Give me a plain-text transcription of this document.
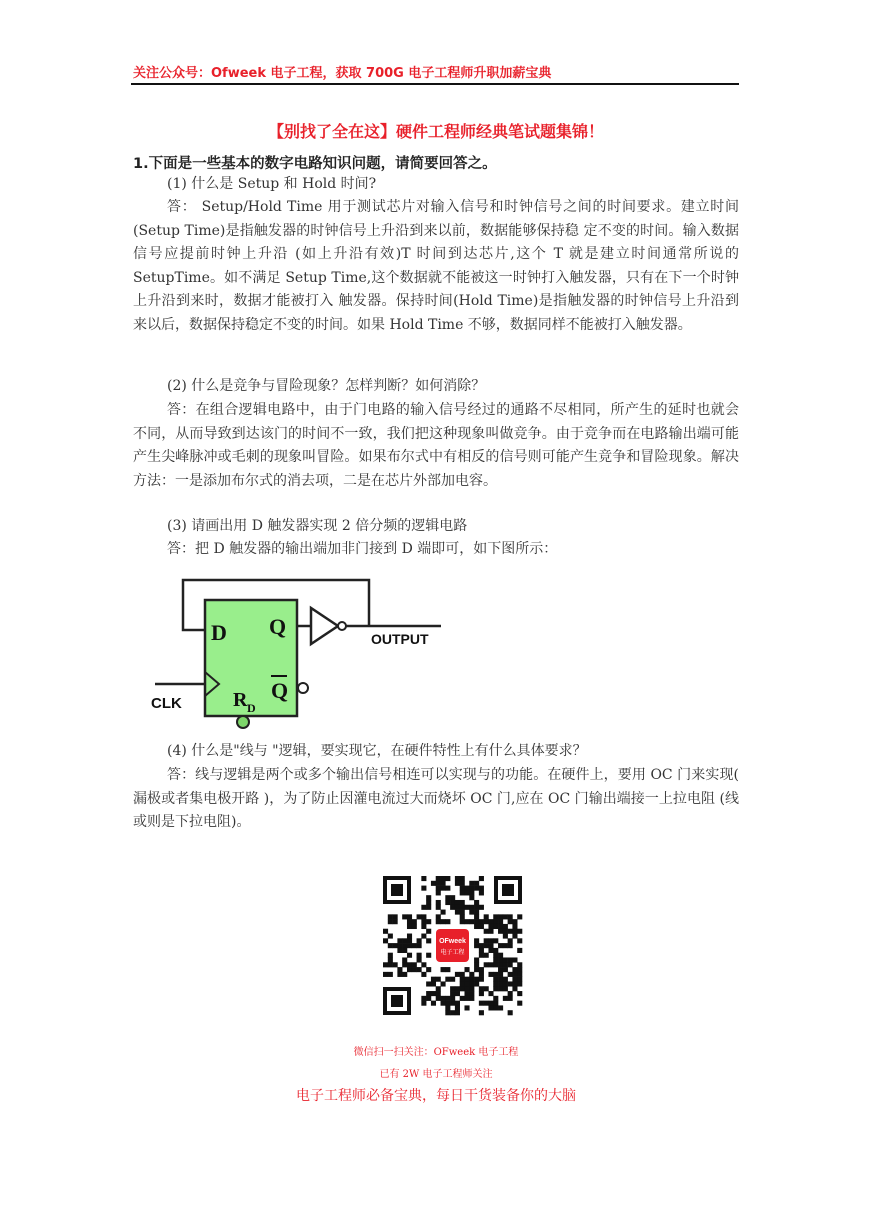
关注公众号：Ofweek 电子工程，获取 700G 电子工程师升职加薪宝典
【别找了全在这】硬件工程师经典笔试题集锦！
1.下面是一些基本的数字电路知识问题，请简要回答之。
(1) 什么是 Setup 和 Hold 时间?
答： Setup/Hold Time 用于测试芯片对输入信号和时钟信号之间的时间要求。建立时间 (Setup Time)是指触发器的时钟信号上升沿到来以前，数据能够保持稳 定不变的时间。输入数据信号应提前时钟上升沿 (如上升沿有效)T 时间到达芯片,这个 T 就是建立时间通常所说的 SetupTime。如不满足 Setup Time,这个数据就不能被这一时钟打入触发器，只有在下一个时钟上升沿到来时，数据才能被打入 触发器。保持时间(Hold Time)是指触发器的时钟信号上升沿到来以后，数据保持稳定不变的时间。如果 Hold Time 不够，数据同样不能被打入触发器。
(2) 什么是竞争与冒险现象？怎样判断？如何消除？
答：在组合逻辑电路中，由于门电路的输入信号经过的通路不尽相同，所产生的延时也就会不同，从而导致到达该门的时间不一致，我们把这种现象叫做竞争。由于竞争而在电路输出端可能产生尖峰脉冲或毛刺的现象叫冒险。如果布尔式中有相反的信号则可能产生竞争和冒险现象。解决方法：一是添加布尔式的消去项，二是在芯片外部加电容。
(3) 请画出用 D 触发器实现 2 倍分频的逻辑电路
答：把 D 触发器的输出端加非门接到 D 端即可，如下图所示：
D Q
Q
R D
CLK
OUTPUT
(4) 什么是"线与 "逻辑，要实现它，在硬件特性上有什么具体要求？
答：线与逻辑是两个或多个输出信号相连可以实现与的功能。在硬件上，要用 OC 门来实现( 漏极或者集电极开路 )，为了防止因灌电流过大而烧坏 OC 门,应在 OC 门输出端接一上拉电阻 (线或则是下拉电阻)。
OFweek
电子工程
微信扫一扫关注：OFweek 电子工程
已有 2W 电子工程师关注
电子工程师必备宝典，每日干货装备你的大脑
